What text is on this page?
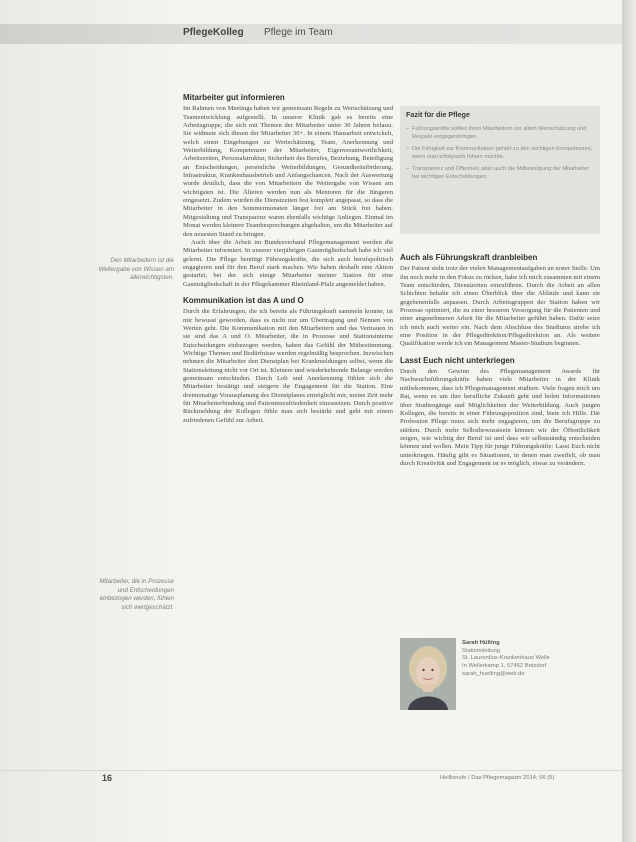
PflegeKolleg Pflege im Team
Den Mitarbeitern ist die Weitergabe von Wissen am allerwichtigsten.
Mitarbeiter, die in Prozesse und Entscheidungen einbezogen werden, fühlen sich wertgeschätzt.
Mitarbeiter gut informieren

Im Rahmen von Meetings haben wir gemeinsam Regeln zu Wertschätzung und Teamentwicklung aufgestellt. In unserer Klinik gab es bereits eine Arbeitsgruppe, die sich mit Themen der Mitarbeiter unter 30 Jahren befasst. Sie widmete sich diesen der Mitarbeiter 30+. In einem Hausarbeit entwickelt, welch einen Eingebungen zu Wertschätzung, Team, Anerkennung und Weiterbildung, Kompetenzen der Mitarbeiter, Eigenverantwortlichkeit, Arbeitszeiten, Personalstruktur, Sicherheit des Berufes, Beziehung, Beteiligung an Entscheidungen, persönliche Weiterbildungen, Gesundheitsförderung, Infrastruktur, Krankenhausbetrieb und Anfangschancen. Nach der Auswertung wurde deutlich, dass die von Mitarbeitern die Weitergabe von Wissen am wichtigsten ist. Die Älteren werden nun als Mentoren für die Jüngeren eingesetzt. Zudem wurden die Dienstzeiten fest komplett angepasst, so dass die Mitarbeiter in den Sommermonaten länger frei am Stück frei haben. Mitgestaltung und Transparenz waren ebenfalls wichtige Anliegen. Einmal im Monat werden kleinere Teambesprechungen abgehalten, um die Mitarbeiter auf den neuesten Stand zu bringen.

Auch über die Arbeit im Bundesverband Pflegemanagement werden die Mitarbeiter informiert. In unserer vierjährigen Gastmitgliedschaft habe ich viel gelernt. Die Pflege benötigt Führungskräfte, die sich auch berufspolitisch engagieren und für den Beruf stark machen. Wie haben deshalb eine Aktion gestartet, bei der sich einige Mitarbeiter meiner Station für eine Gastmitgliedschaft in der Pflegekammer Rheinland-Pfalz angemeldet haben.

Kommunikation ist das A und O

Durch die Erfahrungen, die ich bereits als Führungskraft sammeln konnte, ist mir bewusst geworden, dass es nicht nur um Übertragung und Nennen von Werten geht. Die Kommunikation mit den Mitarbeitern und das Vertrauen in sie sind das A und O. Mitarbeiter, die in Prozesse und Stationsinterne Entscheidungen einbezogen werden, haben das Gefühl der Mitbestimmung. Wichtige Themen und Bedürfnisse werden regelmäßig besprochen. Inzwischen nehmen die Mitarbeiter den Dienstplan bei Krankmeldungen selbst, wenn die Stationsleitung nicht vor Ort ist. Kleinere und wiederkehrende Belange werden gemeinsam entschieden. Durch Lob und Anerkennung fühlen sich die Mitarbeiter bestätigt und steigern ihr Engagement für die Station. Eine dreimonatige Vorausplanung des Dienstplanes ermöglicht mir, meine Zeit mehr für Mitarbeiterbindung und Patientenzufriedenheit einzusetzen. Durch positive Rückmeldung der Kollegen fühle man sich bestärkt und geht mit einem zufriedenen Gefühl zur Arbeit.

Fazit für die Pflege
– Führungskräfte sollten ihren Mitarbeitern vor allem Wertschätzung und Respekt entgegenbringen.
– Die Fähigkeit zur Kommunikation gehört zu den wichtigen Kompetenzen, wenn man erfolgreich führen möchte.
– Transparenz und Offenheit, aber auch die Mitbeteiligung der Mitarbeiter bei wichtigen Entscheidungen.
Auch als Führungskraft dranbleiben

Der Patient steht trotz der vielen Managementaufgaben an erster Stelle. Um ihn noch mehr in den Fokus zu rücken, habe ich mich zusammen mit einem Team entschieden, Dienstzeiten einzuführen. Durch die Arbeit an allen Schichten behalte ich einen Überblick über die Abläufe und kann sie gegebenenfalls anpassen. Durch Arbeitsgruppen der Station haben wir Prozesse optimiert, die zu einer besseren Versorgung für die Patienten und einer angenehmeren Arbeit für die Mitarbeiter geführt haben. Dafür setze ich mich auch weiter ein. Nach dem Abschluss des Studiums strebe ich eine Position in der Pflegedirektion/Pflegedirektion an. Als weitere Qualifikation werde ich ein Management Master-Studium beginnen.

Lasst Euch nicht unterkriegen

Durch den Gewinn des Pflegemanagement Awards für Nachwuchsführungskräfte haben viele Mitarbeiter in der Klinik mitbekommen, dass ich Pflegemanagement studiere. Viele fragen mich um Rat, wenn es um ihre berufliche Zukunft geht und holen Informationen über Studiengänge und Möglichkeiten der Weiterbildung. Auch jungen Kollegen, die bereits in einer Führungsposition sind, biete ich Hilfe. Die Profession Pflege muss sich mehr engagieren, um die Berufsgruppe zu stärken. Durch mehr Selbstbewusstsein können wir der Öffentlichkeit zeigen, wie wichtig der Beruf ist und dass wir selbstständig entscheiden können und wollen. Mein Tipp für junge Führungskräfte: Lasst Euch nicht unterkriegen. Häufig gibt es Situationen, in denen man zweifelt, ob man durch Kreativität und Engagement ist es möglich, etwas zu verändern.

Sarah Hülting
Stationsleitung
St. Laurentius-Krankenhaus Welle
In Wellerkamp 1, 57462 Betzdorf
sarah_huelting@web.de
16	Heilberufe / Das Pflegemagazin 2014; 66 (5)
